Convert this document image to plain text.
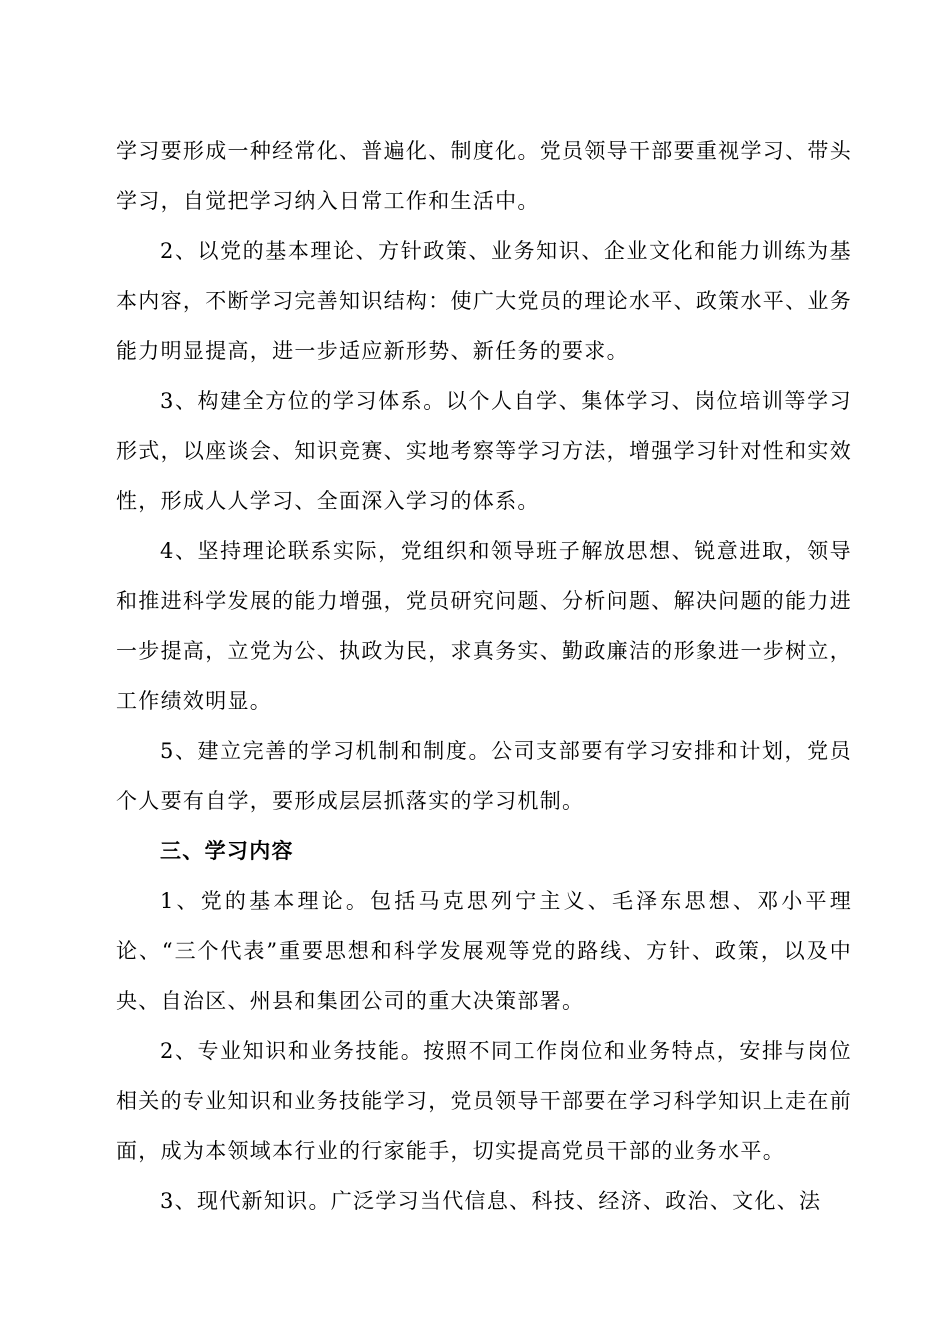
学习要形成一种经常化、普遍化、制度化。党员领导干部要重视学习、带头学习，自觉把学习纳入日常工作和生活中。

2、以党的基本理论、方针政策、业务知识、企业文化和能力训练为基本内容，不断学习完善知识结构：使广大党员的理论水平、政策水平、业务能力明显提高，进一步适应新形势、新任务的要求。

3、构建全方位的学习体系。以个人自学、集体学习、岗位培训等学习形式，以座谈会、知识竞赛、实地考察等学习方法，增强学习针对性和实效性，形成人人学习、全面深入学习的体系。

4、坚持理论联系实际，党组织和领导班子解放思想、锐意进取，领导和推进科学发展的能力增强，党员研究问题、分析问题、解决问题的能力进一步提高，立党为公、执政为民，求真务实、勤政廉洁的形象进一步树立，工作绩效明显。

5、建立完善的学习机制和制度。公司支部要有学习安排和计划，党员个人要有自学，要形成层层抓落实的学习机制。

三、学习内容

1、党的基本理论。包括马克思列宁主义、毛泽东思想、邓小平理论、“三个代表”重要思想和科学发展观等党的路线、方针、政策，以及中央、自治区、州县和集团公司的重大决策部署。

2、专业知识和业务技能。按照不同工作岗位和业务特点，安排与岗位相关的专业知识和业务技能学习，党员领导干部要在学习科学知识上走在前面，成为本领域本行业的行家能手，切实提高党员干部的业务水平。

3、现代新知识。广泛学习当代信息、科技、经济、政治、文化、法
